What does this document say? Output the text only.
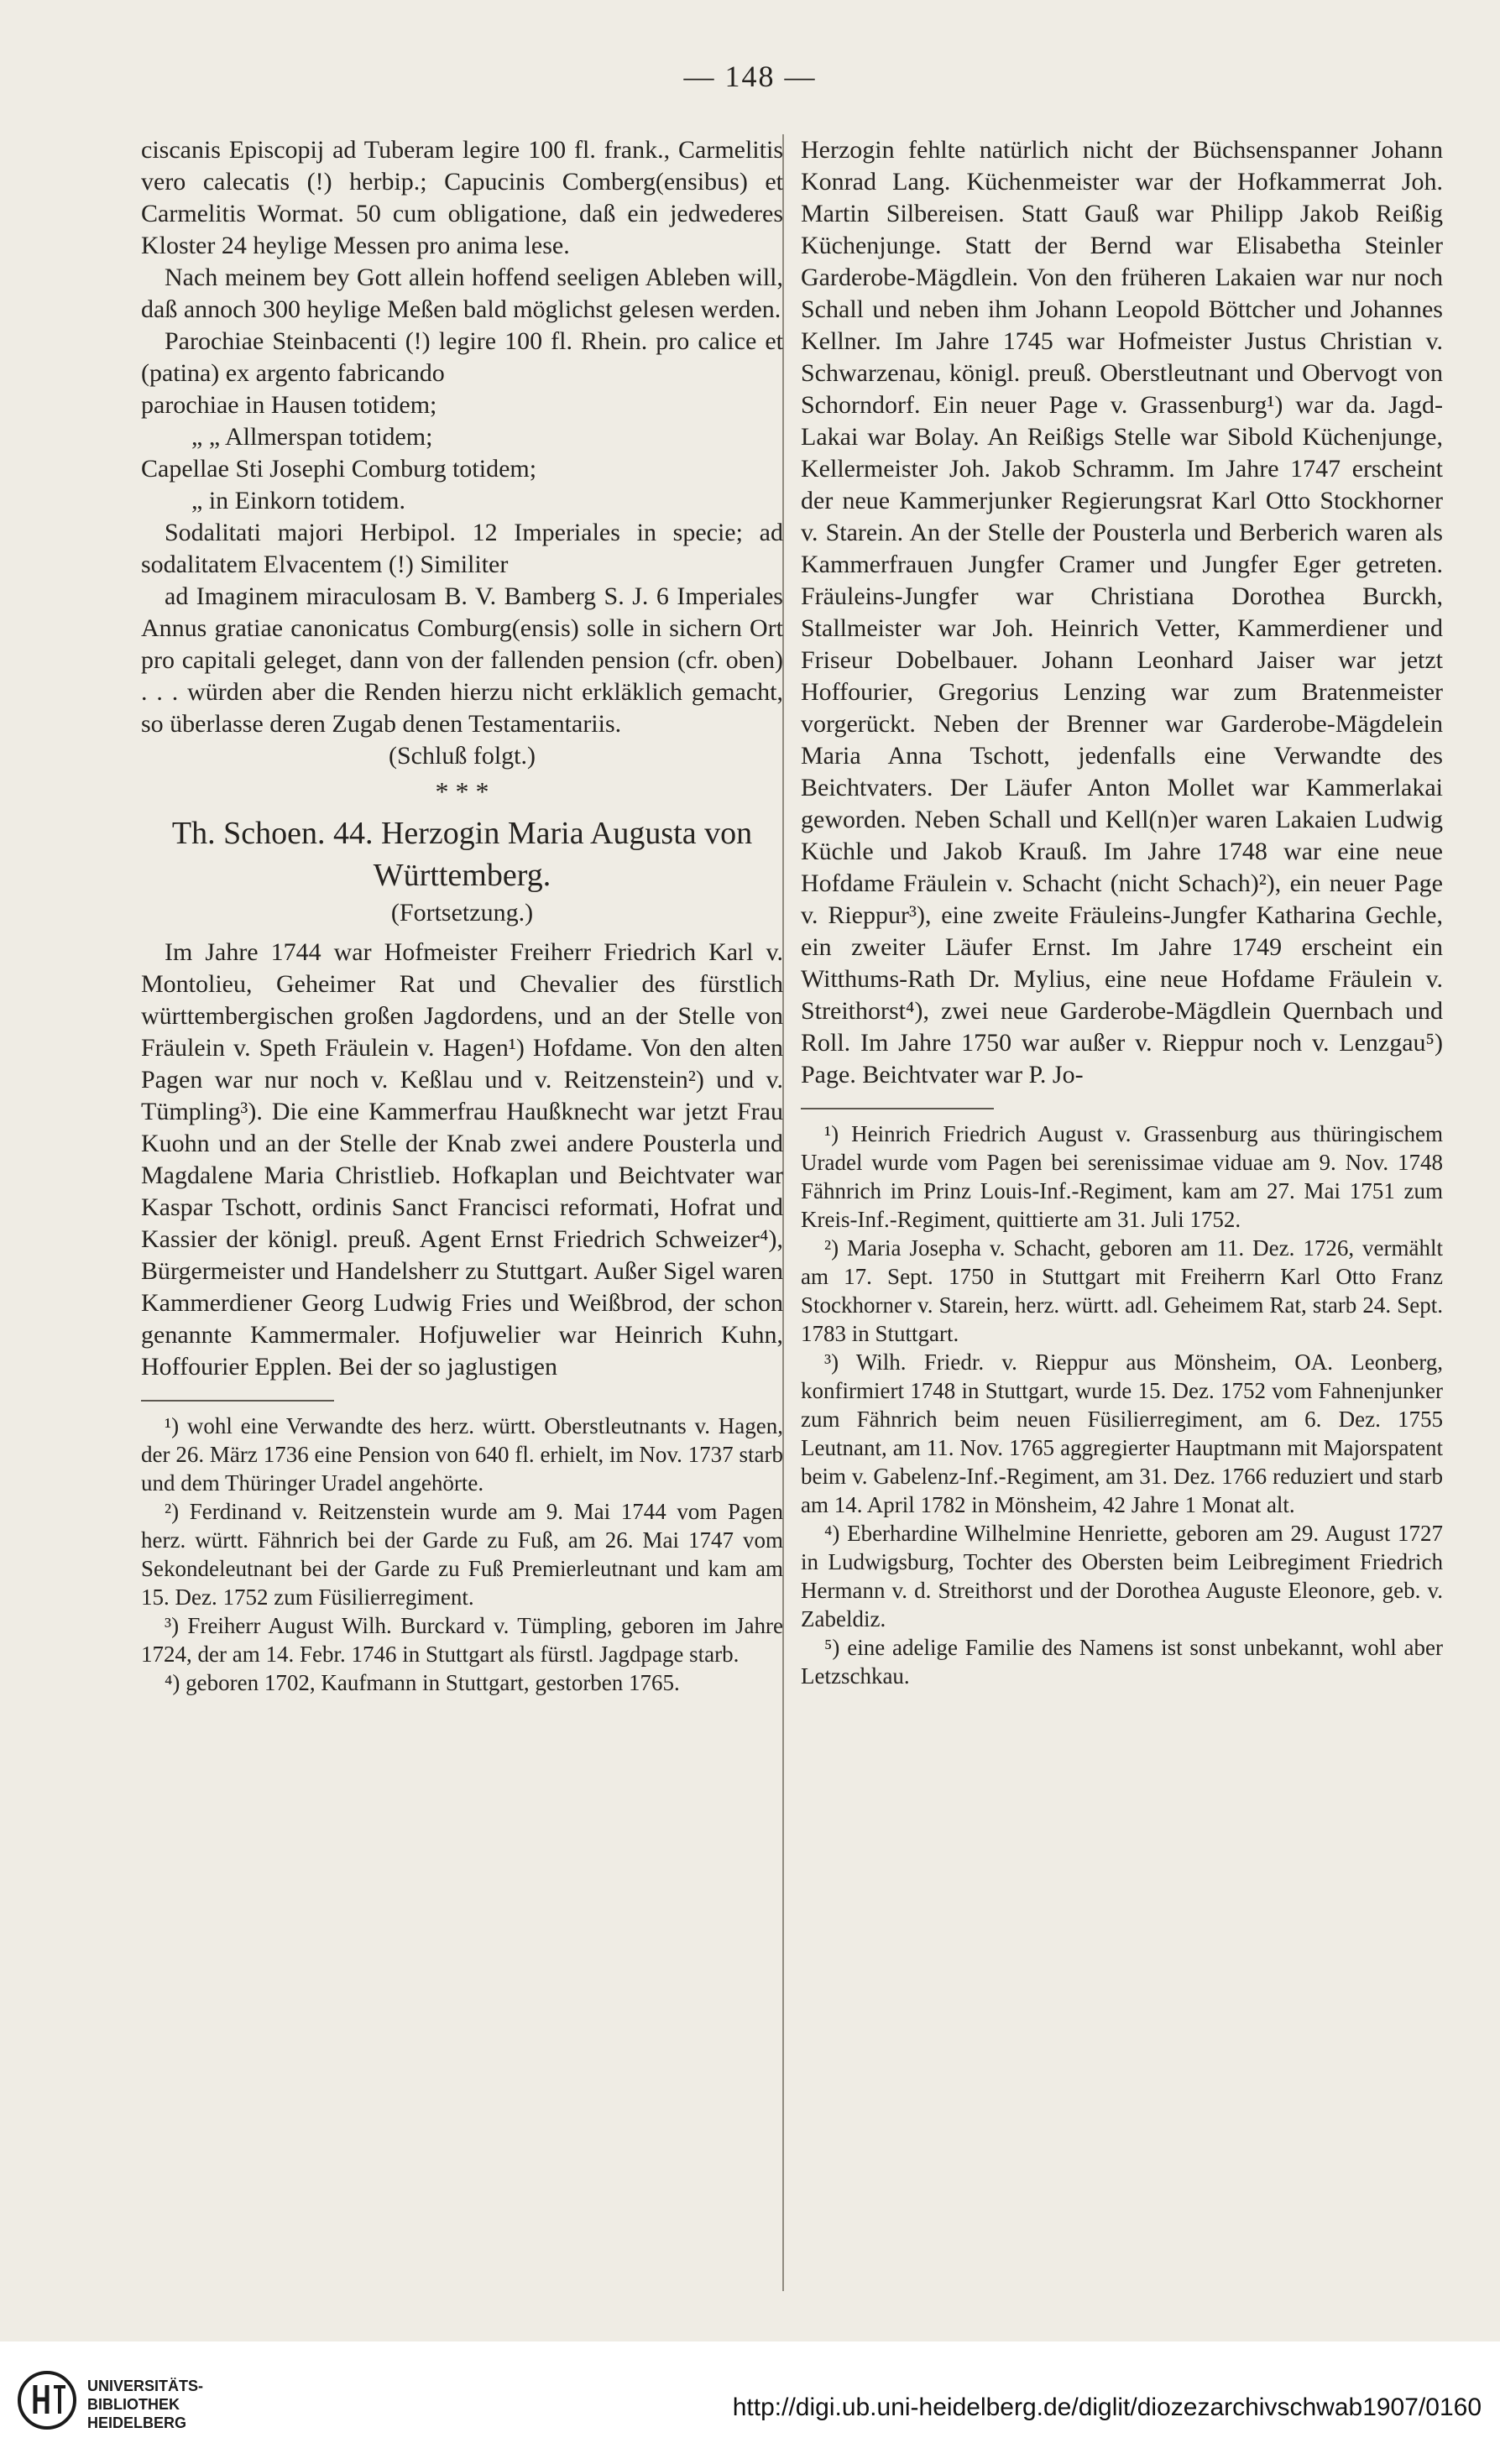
— 148 —

ciscanis Episcopij ad Tuberam legire 100 fl. frank., Carmelitis vero calecatis (!) herbip.; Capucinis Comberg(ensibus) et Carmelitis Wormat. 50 cum obligatione, daß ein jedwederes Kloster 24 heylige Messen pro anima lese.

Nach meinem bey Gott allein hoffend seeligen Ableben will, daß annoch 300 heylige Meßen bald möglichst gelesen werden.

Parochiae Steinbacenti (!) legire 100 fl. Rhein. pro calice et (patina) ex argento fabricando

parochiae in Hausen totidem;

„ „ Allmerspan totidem;

Capellae Sti Josephi Comburg totidem;

„ in Einkorn totidem.

Sodalitati majori Herbipol. 12 Imperiales in specie; ad sodalitatem Elvacentem (!) Similiter

ad Imaginem miraculosam B. V. Bamberg S. J. 6 Imperiales Annus gratiae canonicatus Comburg(ensis) solle in sichern Ort pro capitali geleget, dann von der fallenden pension (cfr. oben) . . . würden aber die Renden hierzu nicht erkläklich gemacht, so überlasse deren Zugab denen Testamentariis.

(Schluß folgt.)

* * *

Th. Schoen. 44. Herzogin Maria Augusta von Württemberg.

(Fortsetzung.)

Im Jahre 1744 war Hofmeister Freiherr Friedrich Karl v. Montolieu, Geheimer Rat und Chevalier des fürstlich württembergischen großen Jagdordens, und an der Stelle von Fräulein v. Speth Fräulein v. Hagen¹) Hofdame. Von den alten Pagen war nur noch v. Keßlau und v. Reitzenstein²) und v. Tümpling³). Die eine Kammerfrau Haußknecht war jetzt Frau Kuohn und an der Stelle der Knab zwei andere Pousterla und Magdalene Maria Christlieb. Hofkaplan und Beichtvater war Kaspar Tschott, ordinis Sanct Francisci reformati, Hofrat und Kassier der königl. preuß. Agent Ernst Friedrich Schweizer⁴), Bürgermeister und Handelsherr zu Stuttgart. Außer Sigel waren Kammerdiener Georg Ludwig Fries und Weißbrod, der schon genannte Kammermaler. Hofjuwelier war Heinrich Kuhn, Hoffourier Epplen. Bei der so jaglustigen

¹) wohl eine Verwandte des herz. württ. Oberstleutnants v. Hagen, der 26. März 1736 eine Pension von 640 fl. erhielt, im Nov. 1737 starb und dem Thüringer Uradel angehörte.

²) Ferdinand v. Reitzenstein wurde am 9. Mai 1744 vom Pagen herz. württ. Fähnrich bei der Garde zu Fuß, am 26. Mai 1747 vom Sekondeleutnant bei der Garde zu Fuß Premierleutnant und kam am 15. Dez. 1752 zum Füsilierregiment.

³) Freiherr August Wilh. Burckard v. Tümpling, geboren im Jahre 1724, der am 14. Febr. 1746 in Stuttgart als fürstl. Jagdpage starb.

⁴) geboren 1702, Kaufmann in Stuttgart, gestorben 1765.

Herzogin fehlte natürlich nicht der Büchsenspanner Johann Konrad Lang. Küchenmeister war der Hofkammerrat Joh. Martin Silbereisen. Statt Gauß war Philipp Jakob Reißig Küchenjunge. Statt der Bernd war Elisabetha Steinler Garderobe-Mägdlein. Von den früheren Lakaien war nur noch Schall und neben ihm Johann Leopold Böttcher und Johannes Kellner. Im Jahre 1745 war Hofmeister Justus Christian v. Schwarzenau, königl. preuß. Oberstleutnant und Obervogt von Schorndorf. Ein neuer Page v. Grassenburg¹) war da. Jagd-Lakai war Bolay. An Reißigs Stelle war Sibold Küchenjunge, Kellermeister Joh. Jakob Schramm. Im Jahre 1747 erscheint der neue Kammerjunker Regierungsrat Karl Otto Stockhorner v. Starein. An der Stelle der Pousterla und Berberich waren als Kammerfrauen Jungfer Cramer und Jungfer Eger getreten. Fräuleins-Jungfer war Christiana Dorothea Burckh, Stallmeister war Joh. Heinrich Vetter, Kammerdiener und Friseur Dobelbauer. Johann Leonhard Jaiser war jetzt Hoffourier, Gregorius Lenzing war zum Bratenmeister vorgerückt. Neben der Brenner war Garderobe-Mägdelein Maria Anna Tschott, jedenfalls eine Verwandte des Beichtvaters. Der Läufer Anton Mollet war Kammerlakai geworden. Neben Schall und Kell(n)er waren Lakaien Ludwig Küchle und Jakob Krauß. Im Jahre 1748 war eine neue Hofdame Fräulein v. Schacht (nicht Schach)²), ein neuer Page v. Rieppur³), eine zweite Fräuleins-Jungfer Katharina Gechle, ein zweiter Läufer Ernst. Im Jahre 1749 erscheint ein Witthums-Rath Dr. Mylius, eine neue Hofdame Fräulein v. Streithorst⁴), zwei neue Garderobe-Mägdlein Quernbach und Roll. Im Jahre 1750 war außer v. Rieppur noch v. Lenzgau⁵) Page. Beichtvater war P. Jo-

¹) Heinrich Friedrich August v. Grassenburg aus thüringischem Uradel wurde vom Pagen bei serenissimae viduae am 9. Nov. 1748 Fähnrich im Prinz Louis-Inf.-Regiment, kam am 27. Mai 1751 zum Kreis-Inf.-Regiment, quittierte am 31. Juli 1752.

²) Maria Josepha v. Schacht, geboren am 11. Dez. 1726, vermählt am 17. Sept. 1750 in Stuttgart mit Freiherrn Karl Otto Franz Stockhorner v. Starein, herz. württ. adl. Geheimem Rat, starb 24. Sept. 1783 in Stuttgart.

³) Wilh. Friedr. v. Rieppur aus Mönsheim, OA. Leonberg, konfirmiert 1748 in Stuttgart, wurde 15. Dez. 1752 vom Fahnenjunker zum Fähnrich beim neuen Füsilierregiment, am 6. Dez. 1755 Leutnant, am 11. Nov. 1765 aggregierter Hauptmann mit Majorspatent beim v. Gabelenz-Inf.-Regiment, am 31. Dez. 1766 reduziert und starb am 14. April 1782 in Mönsheim, 42 Jahre 1 Monat alt.

⁴) Eberhardine Wilhelmine Henriette, geboren am 29. August 1727 in Ludwigsburg, Tochter des Obersten beim Leibregiment Friedrich Hermann v. d. Streithorst und der Dorothea Auguste Eleonore, geb. v. Zabeldiz.

⁵) eine adelige Familie des Namens ist sonst unbekannt, wohl aber Letzschkau.

UNIVERSITÄTS-
BIBLIOTHEK
HEIDELBERG
http://digi.ub.uni-heidelberg.de/diglit/diozezarchivschwab1907/0160
